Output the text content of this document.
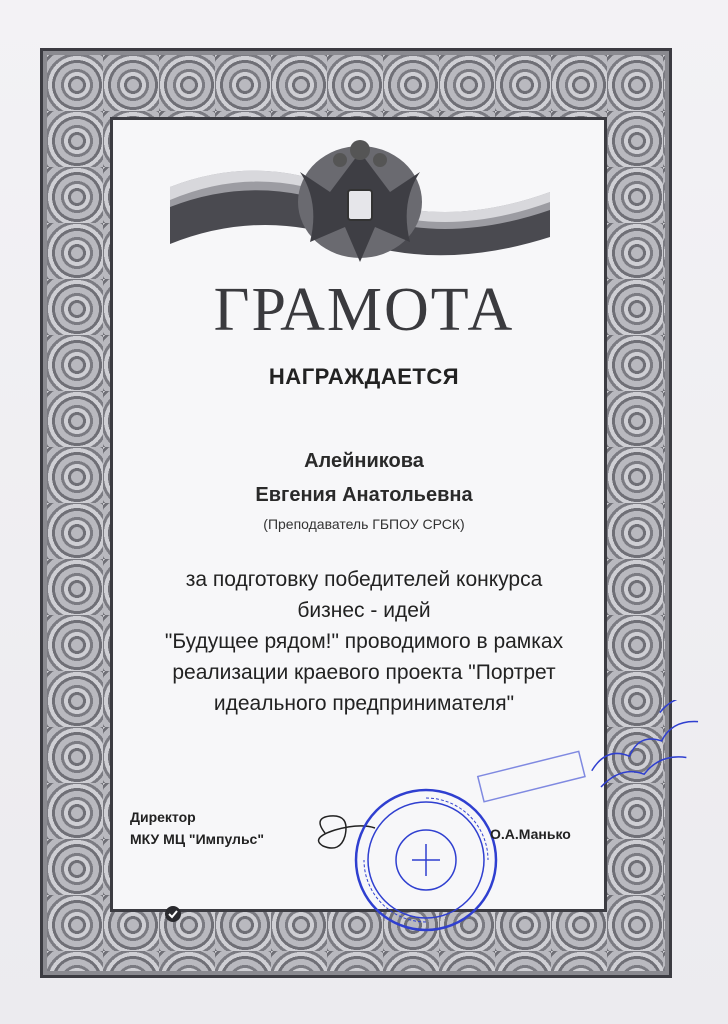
ГРАМОТА
НАГРАЖДАЕТСЯ
Алейникова
Евгения Анатольевна
(Преподаватель ГБПОУ СРСК)
за подготовку победителей конкурса
бизнес - идей
"Будущее рядом!" проводимого в рамках
реализации краевого проекта "Портрет
идеального предпринимателя"
Директор
МКУ МЦ "Импульс"	О.А.Манько
